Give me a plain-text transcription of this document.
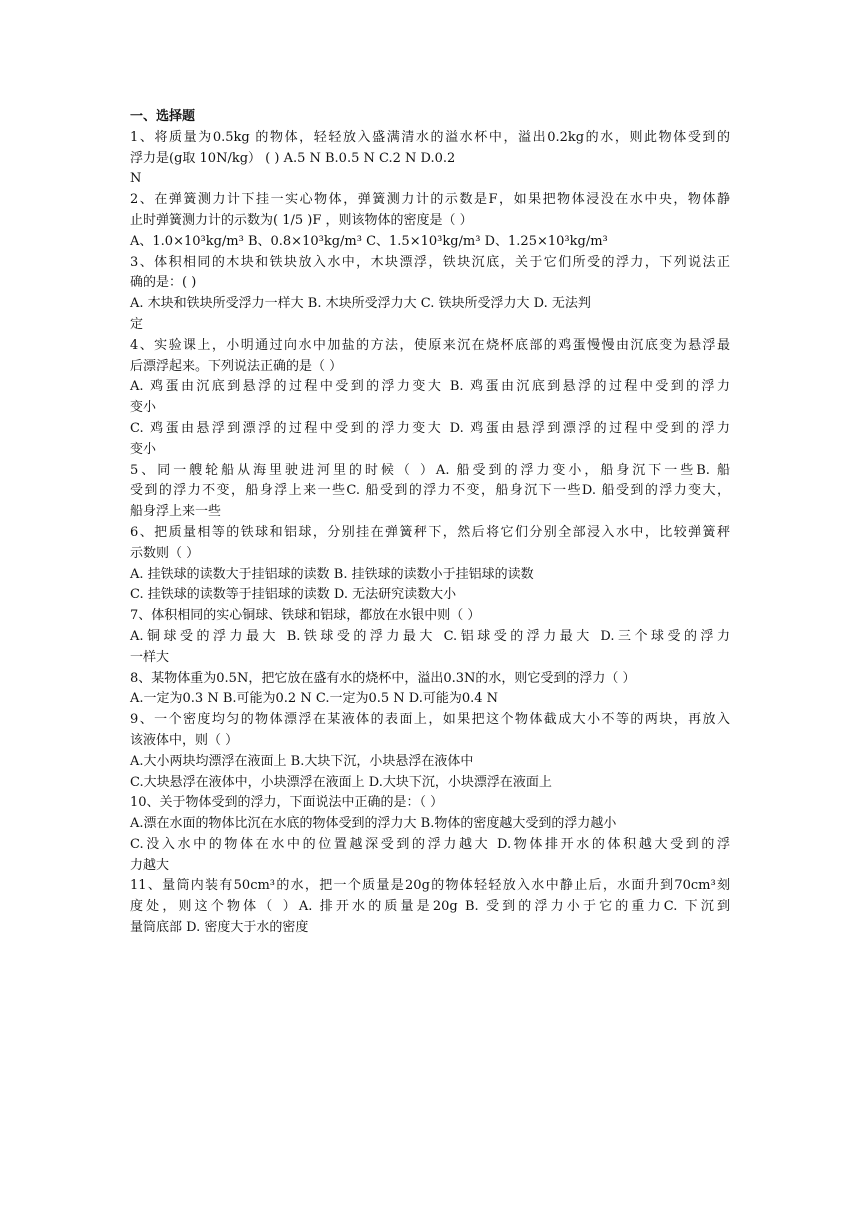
一、选择题
1、将质量为0.5kg 的物体，轻轻放入盛满清水的溢水杯中，溢出0.2kg的水，则此物体受到的
浮力是(g取 10N/kg） ( ) A.5 N B.0.5 N C.2 N D.0.2
N
2、在弹簧测力计下挂一实心物体，弹簧测力计的示数是F，如果把物体浸没在水中央，物体静
止时弹簧测力计的示数为( 1/5 )F ，则该物体的密度是（ ）
A、1.0×10³kg/m³ B、0.8×10³kg/m³ C、1.5×10³kg/m³ D、1.25×10³kg/m³
3、体积相同的木块和铁块放入水中，木块漂浮，铁块沉底，关于它们所受的浮力，下列说法正
确的是：( )
A. 木块和铁块所受浮力一样大 B. 木块所受浮力大 C. 铁块所受浮力大 D. 无法判
定
4、实验课上，小明通过向水中加盐的方法，使原来沉在烧杯底部的鸡蛋慢慢由沉底变为悬浮最
后漂浮起来。下列说法正确的是（ ）
A. 鸡蛋由沉底到悬浮的过程中受到的浮力变大 B. 鸡蛋由沉底到悬浮的过程中受到的浮力
变小
C. 鸡蛋由悬浮到漂浮的过程中受到的浮力变大 D. 鸡蛋由悬浮到漂浮的过程中受到的浮力
变小
5、同一艘轮船从海里驶进河里的时候（ ）A. 船受到的浮力变小，船身沉下一些B. 船
受到的浮力不变，船身浮上来一些C. 船受到的浮力不变，船身沉下一些D. 船受到的浮力变大，
船身浮上来一些
6、把质量相等的铁球和铝球，分别挂在弹簧秤下，然后将它们分别全部浸入水中，比较弹簧秤
示数则（ ）
A. 挂铁球的读数大于挂铝球的读数 B. 挂铁球的读数小于挂铝球的读数
C. 挂铁球的读数等于挂铝球的读数 D. 无法研究读数大小
7、体积相同的实心铜球、铁球和铝球，都放在水银中则（ ）
A.铜球受的浮力最大 B.铁球受的浮力最大 C.铝球受的浮力最大 D.三个球受的浮力
一样大
8、某物体重为0.5N，把它放在盛有水的烧杯中，溢出0.3N的水，则它受到的浮力（ ）
A.一定为0.3 N B.可能为0.2 N C.一定为0.5 N D.可能为0.4 N
9、一个密度均匀的物体漂浮在某液体的表面上，如果把这个物体截成大小不等的两块，再放入
该液体中，则（ ）
A.大小两块均漂浮在液面上 B.大块下沉，小块悬浮在液体中
C.大块悬浮在液体中，小块漂浮在液面上 D.大块下沉，小块漂浮在液面上
10、关于物体受到的浮力，下面说法中正确的是：（ ）
A.漂在水面的物体比沉在水底的物体受到的浮力大 B.物体的密度越大受到的浮力越小
C.没入水中的物体在水中的位置越深受到的浮力越大 D.物体排开水的体积越大受到的浮
力越大
11、量筒内装有50cm³的水，把一个质量是20g的物体轻轻放入水中静止后，水面升到70cm³刻
度处，则这个物体（ ）A. 排开水的质量是20g B. 受到的浮力小于它的重力C. 下沉到
量筒底部 D. 密度大于水的密度
